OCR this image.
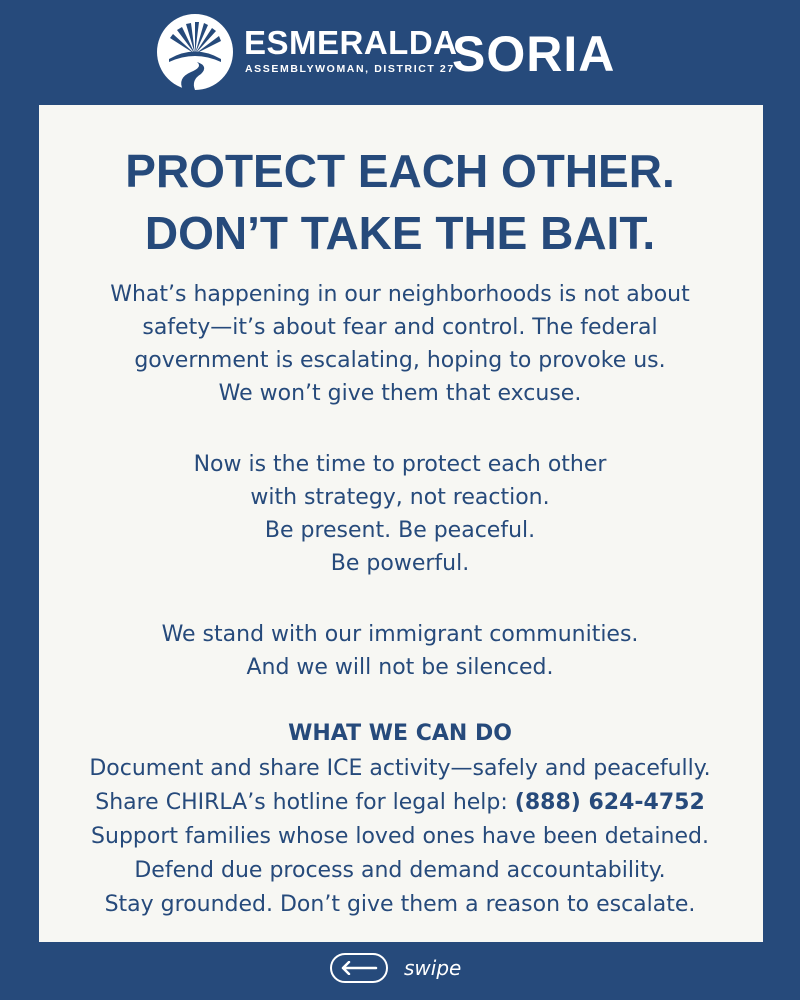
ESMERALDA
ASSEMBLYWOMAN, DISTRICT 27
SORIA
PROTECT EACH OTHER.
DON’T TAKE THE BAIT.
What’s happening in our neighborhoods is not about
safety—it’s about fear and control. The federal
government is escalating, hoping to provoke us.
We won’t give them that excuse.
Now is the time to protect each other
with strategy, not reaction.
Be present. Be peaceful.
Be powerful.
We stand with our immigrant communities.
And we will not be silenced.
WHAT WE CAN DO
Document and share ICE activity—safely and peacefully.
Share CHIRLA’s hotline for legal help: (888) 624-4752
Support families whose loved ones have been detained.
Defend due process and demand accountability.
Stay grounded. Don’t give them a reason to escalate.
swipe
